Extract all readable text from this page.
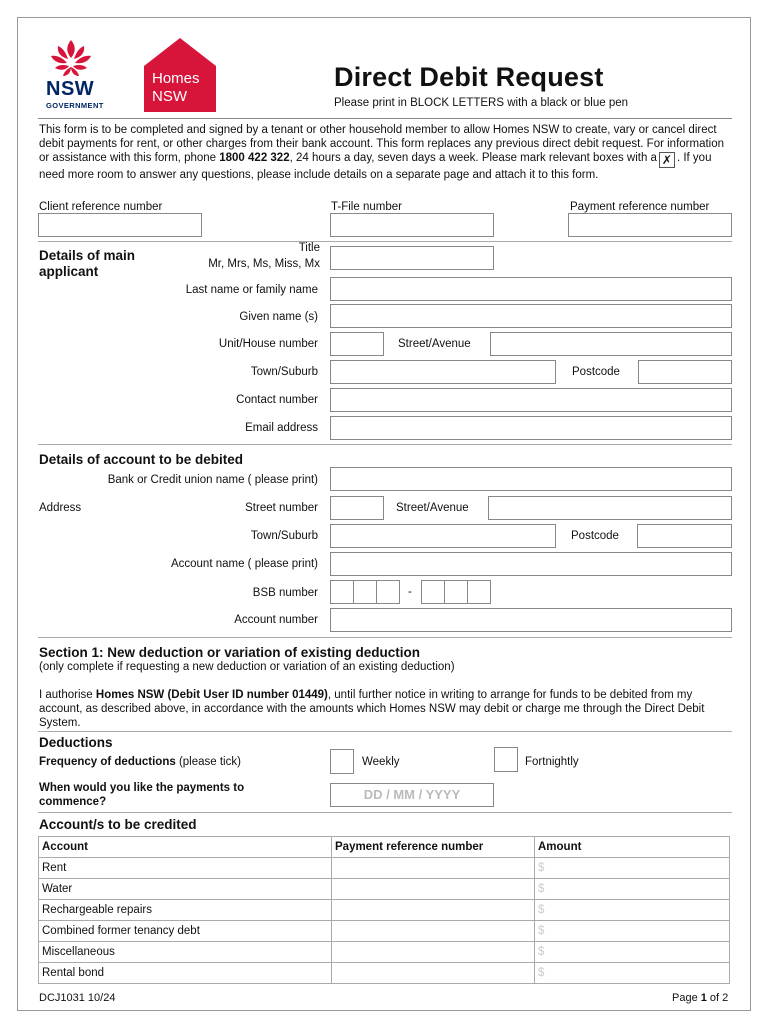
NSW
GOVERNMENT
Homes
NSW
Direct Debit Request
Please print in BLOCK LETTERS with a black or blue pen
This form is to be completed and signed by a tenant or other household member to allow Homes NSW to create, vary or cancel direct debit payments for rent, or other charges from their bank account. This form replaces any previous direct debit request. For information or assistance with this form, phone 1800 422 322, 24 hours a day, seven days a week. Please mark relevant boxes with a ✗ . If you need more room to answer any questions, please include details on a separate page and attach it to this form.
Client reference number	T-File number	Payment reference number
Details of main applicant
Title
Mr, Mrs, Ms, Miss, Mx
Last name or family name
Given name (s)
Unit/House number	Street/Avenue
Town/Suburb	Postcode
Contact number
Email address
Details of account to be debited
Bank or Credit union name ( please print)
Address	Street number	Street/Avenue
Town/Suburb	Postcode
Account name ( please print)
BSB number	-
Account number
Section 1: New deduction or variation of existing deduction
(only complete if requesting a new deduction or variation of an existing deduction)
I authorise Homes NSW (Debit User ID number 01449), until further notice in writing to arrange for funds to be debited from my account, as described above, in accordance with the amounts which Homes NSW may debit or charge me through the Direct Debit System.
Deductions
Frequency of deductions (please tick)	Weekly	Fortnightly
When would you like the payments to commence?	DD / MM / YYYY
Account/s to be credited
Account	Payment reference number	Amount
Rent		$
Water		$
Rechargeable repairs		$
Combined former tenancy debt		$
Miscellaneous		$
Rental bond		$
DCJ1031 10/24	Page 1 of 2
